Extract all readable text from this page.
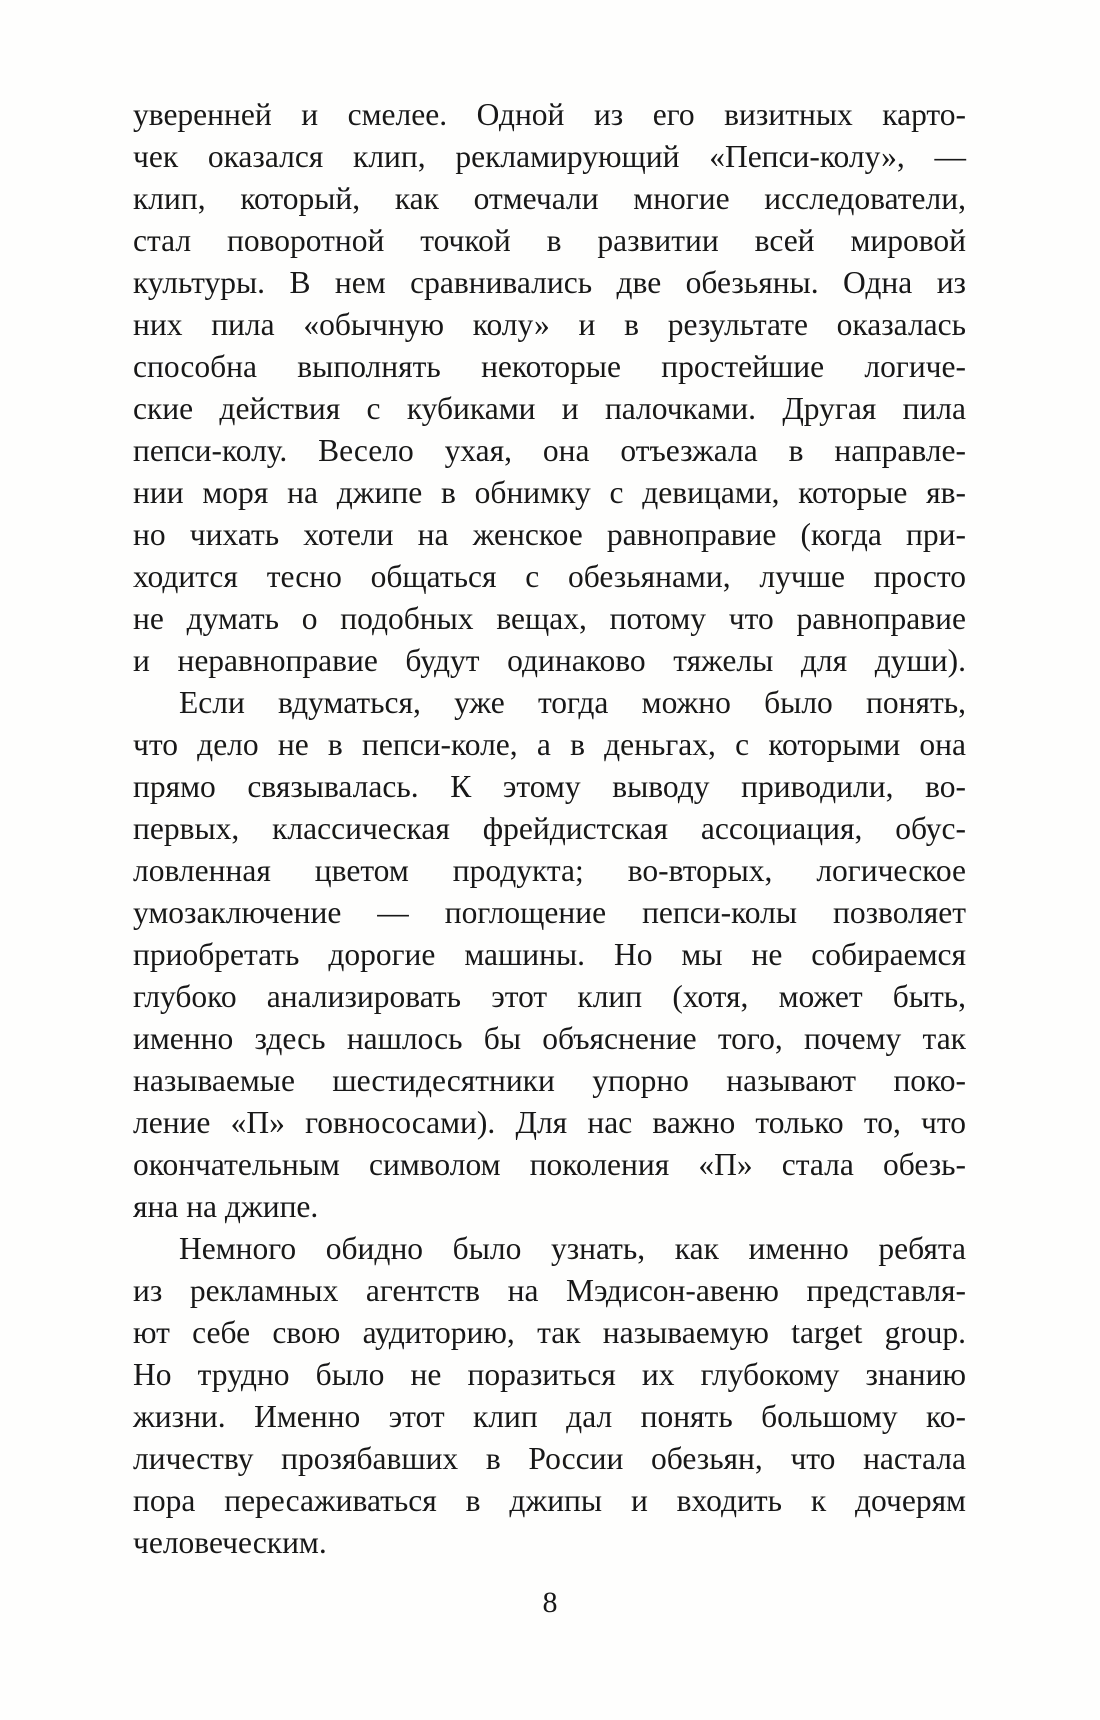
уверенней и смелее. Одной из его визитных карто-
чек оказался клип, рекламирующий «Пепси-колу», —
клип, который, как отмечали многие исследователи,
стал поворотной точкой в развитии всей мировой
культуры. В нем сравнивались две обезьяны. Одна из
них пила «обычную колу» и в результате оказалась
способна выполнять некоторые простейшие логиче-
ские действия с кубиками и палочками. Другая пила
пепси-колу. Весело ухая, она отъезжала в направле-
нии моря на джипе в обнимку с девицами, которые яв-
но чихать хотели на женское равноправие (когда при-
ходится тесно общаться с обезьянами, лучше просто
не думать о подобных вещах, потому что равноправие
и неравноправие будут одинаково тяжелы для души).
Если вдуматься, уже тогда можно было понять,
что дело не в пепси-коле, а в деньгах, с которыми она
прямо связывалась. К этому выводу приводили, во-
первых, классическая фрейдистская ассоциация, обус-
ловленная цветом продукта; во-вторых, логическое
умозаключение — поглощение пепси-колы позволяет
приобретать дорогие машины. Но мы не собираемся
глубоко анализировать этот клип (хотя, может быть,
именно здесь нашлось бы объяснение того, почему так
называемые шестидесятники упорно называют поко-
ление «П» говнососами). Для нас важно только то, что
окончательным символом поколения «П» стала обезь-
яна на джипе.
Немного обидно было узнать, как именно ребята
из рекламных агентств на Мэдисон-авеню представля-
ют себе свою аудиторию, так называемую target group.
Но трудно было не поразиться их глубокому знанию
жизни. Именно этот клип дал понять большому ко-
личеству прозябавших в России обезьян, что настала
пора пересаживаться в джипы и входить к дочерям
человеческим.
8
